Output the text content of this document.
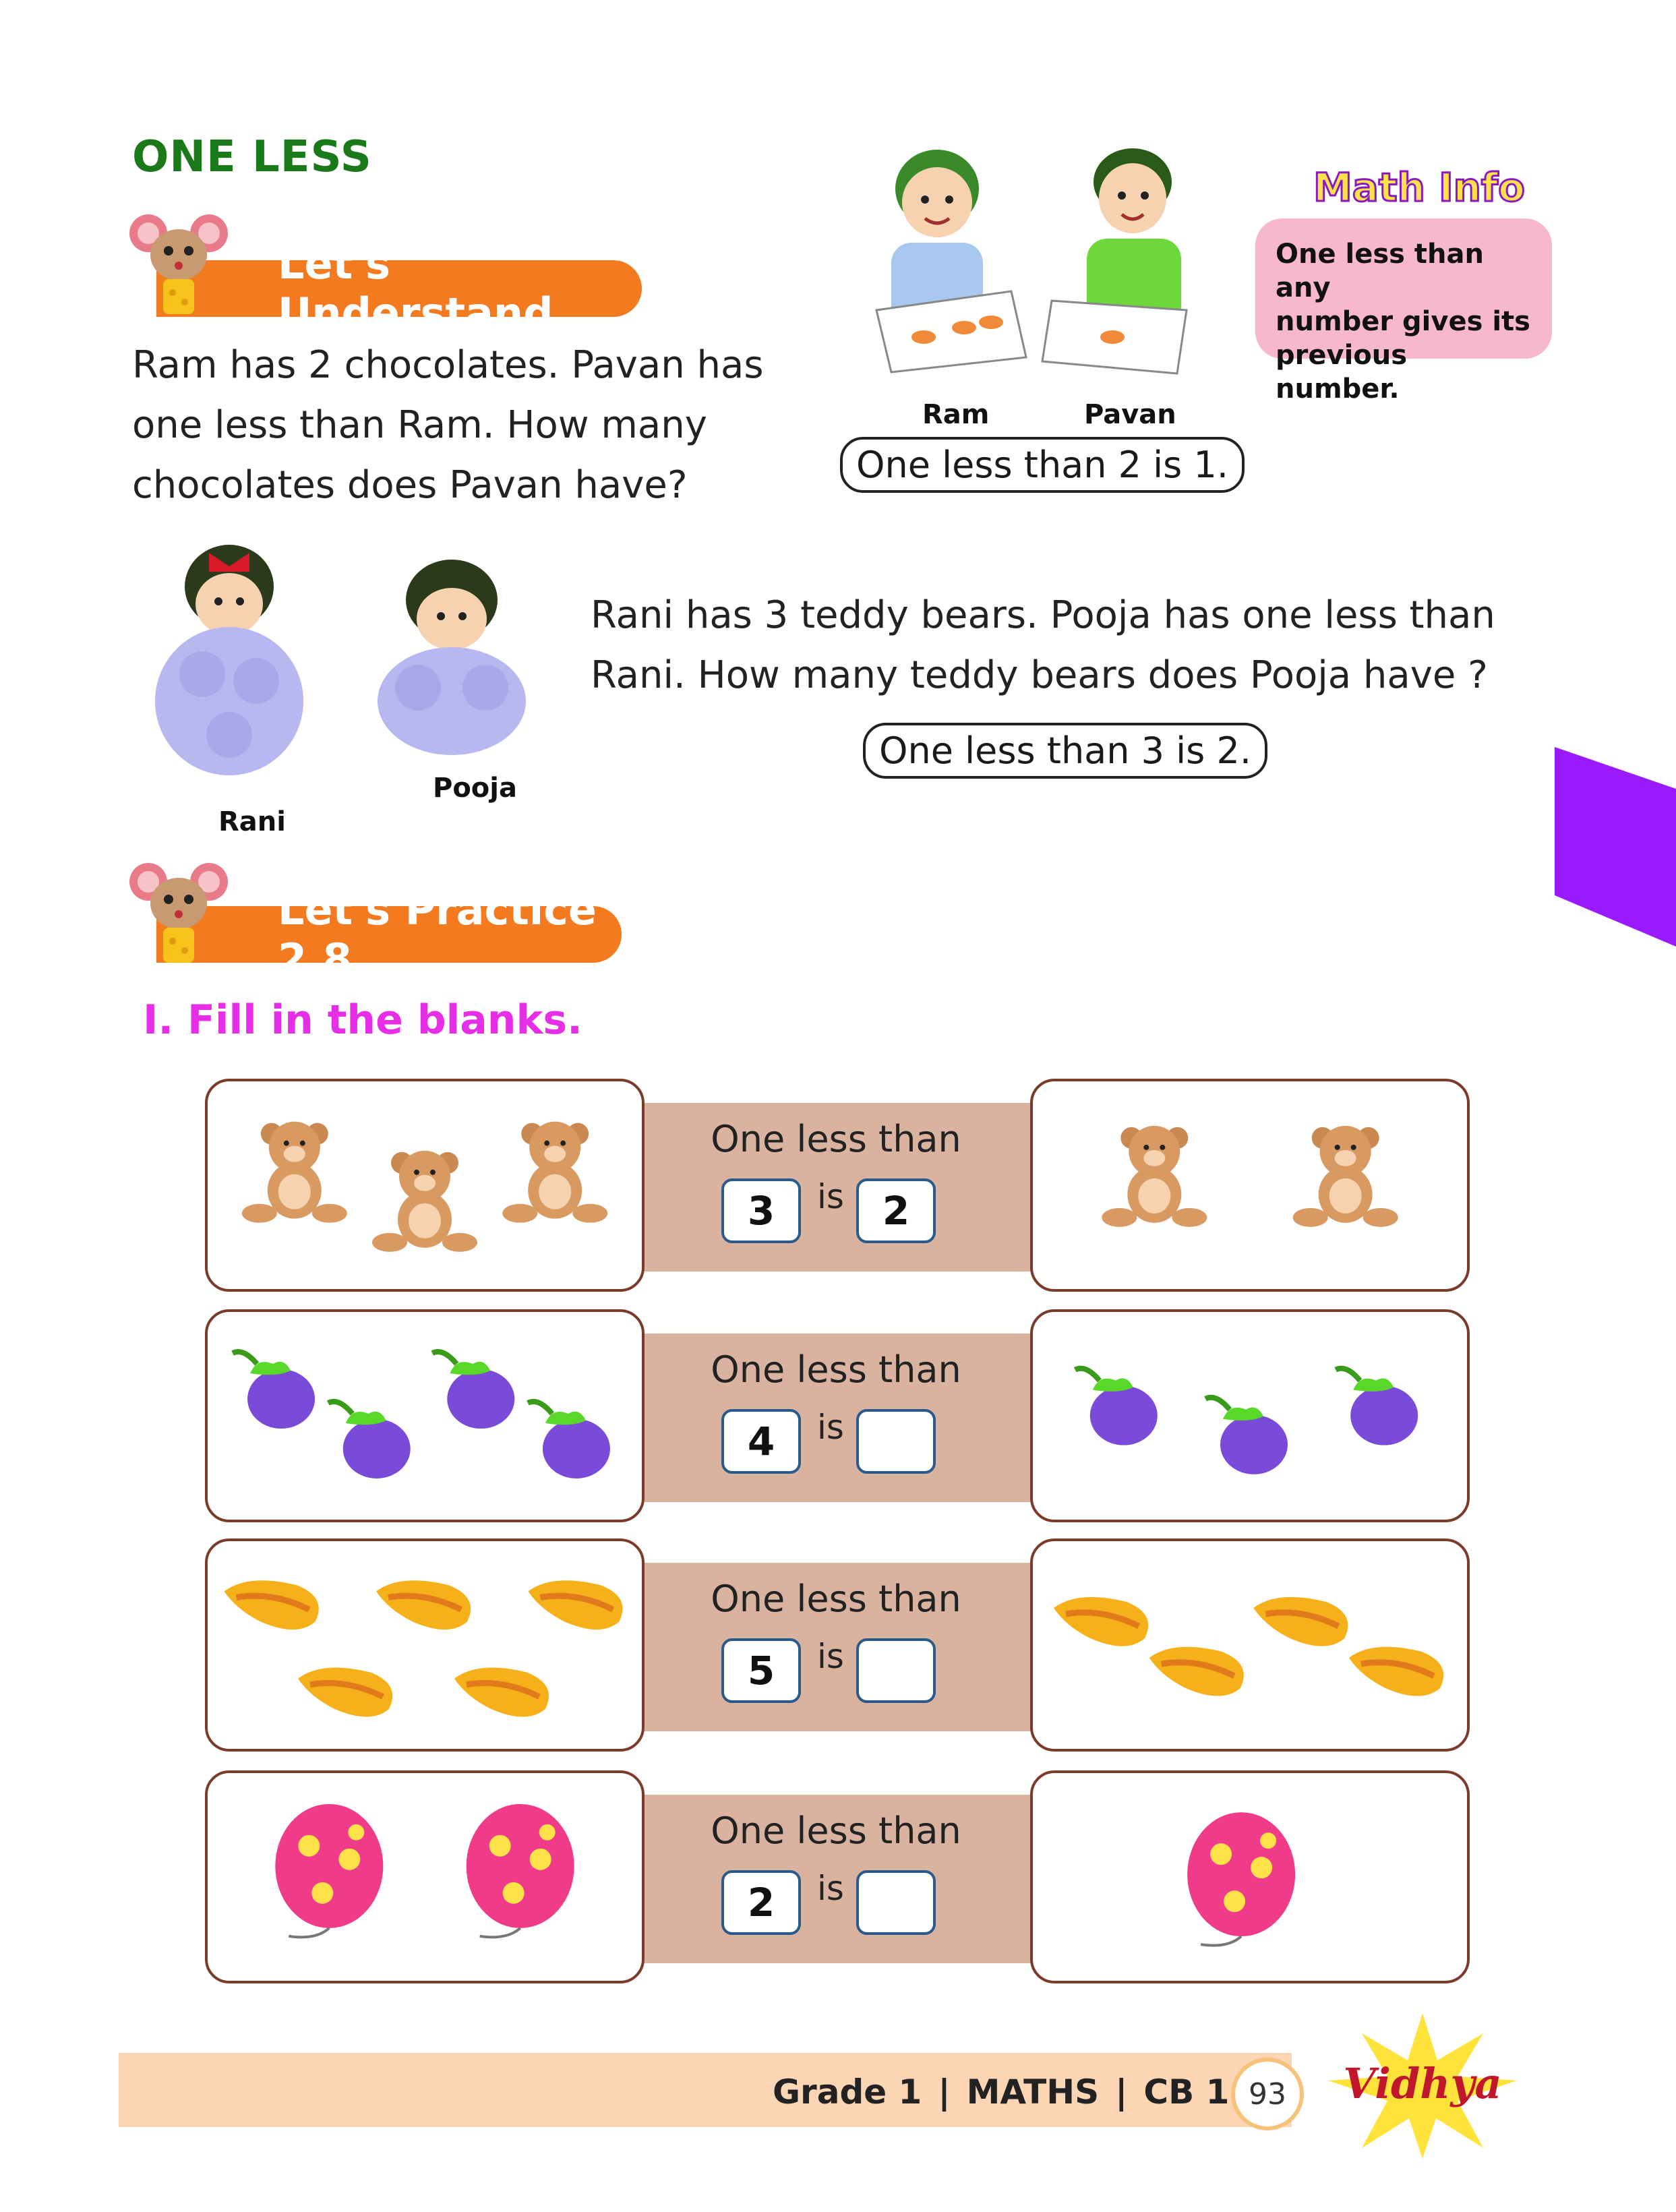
ONE LESS
Let's Understand
Ram has 2 chocolates. Pavan has
one less than Ram. How many
chocolates does Pavan have?
Ram	Pavan
One less than 2 is 1.
Math Info
One less than any
number gives its
previous number.
Rani
Pooja
Rani has 3 teddy bears. Pooja has one less than
Rani. How many teddy bears does Pooja have ?
One less than 3 is 2.
Let's Practice 2.8
I. Fill in the blanks.
One less than
3	is 2
One less than
4	is
One less than
5	is
One less than
2	is
Grade 1 | MATHS | CB 1 93	Vidhya
